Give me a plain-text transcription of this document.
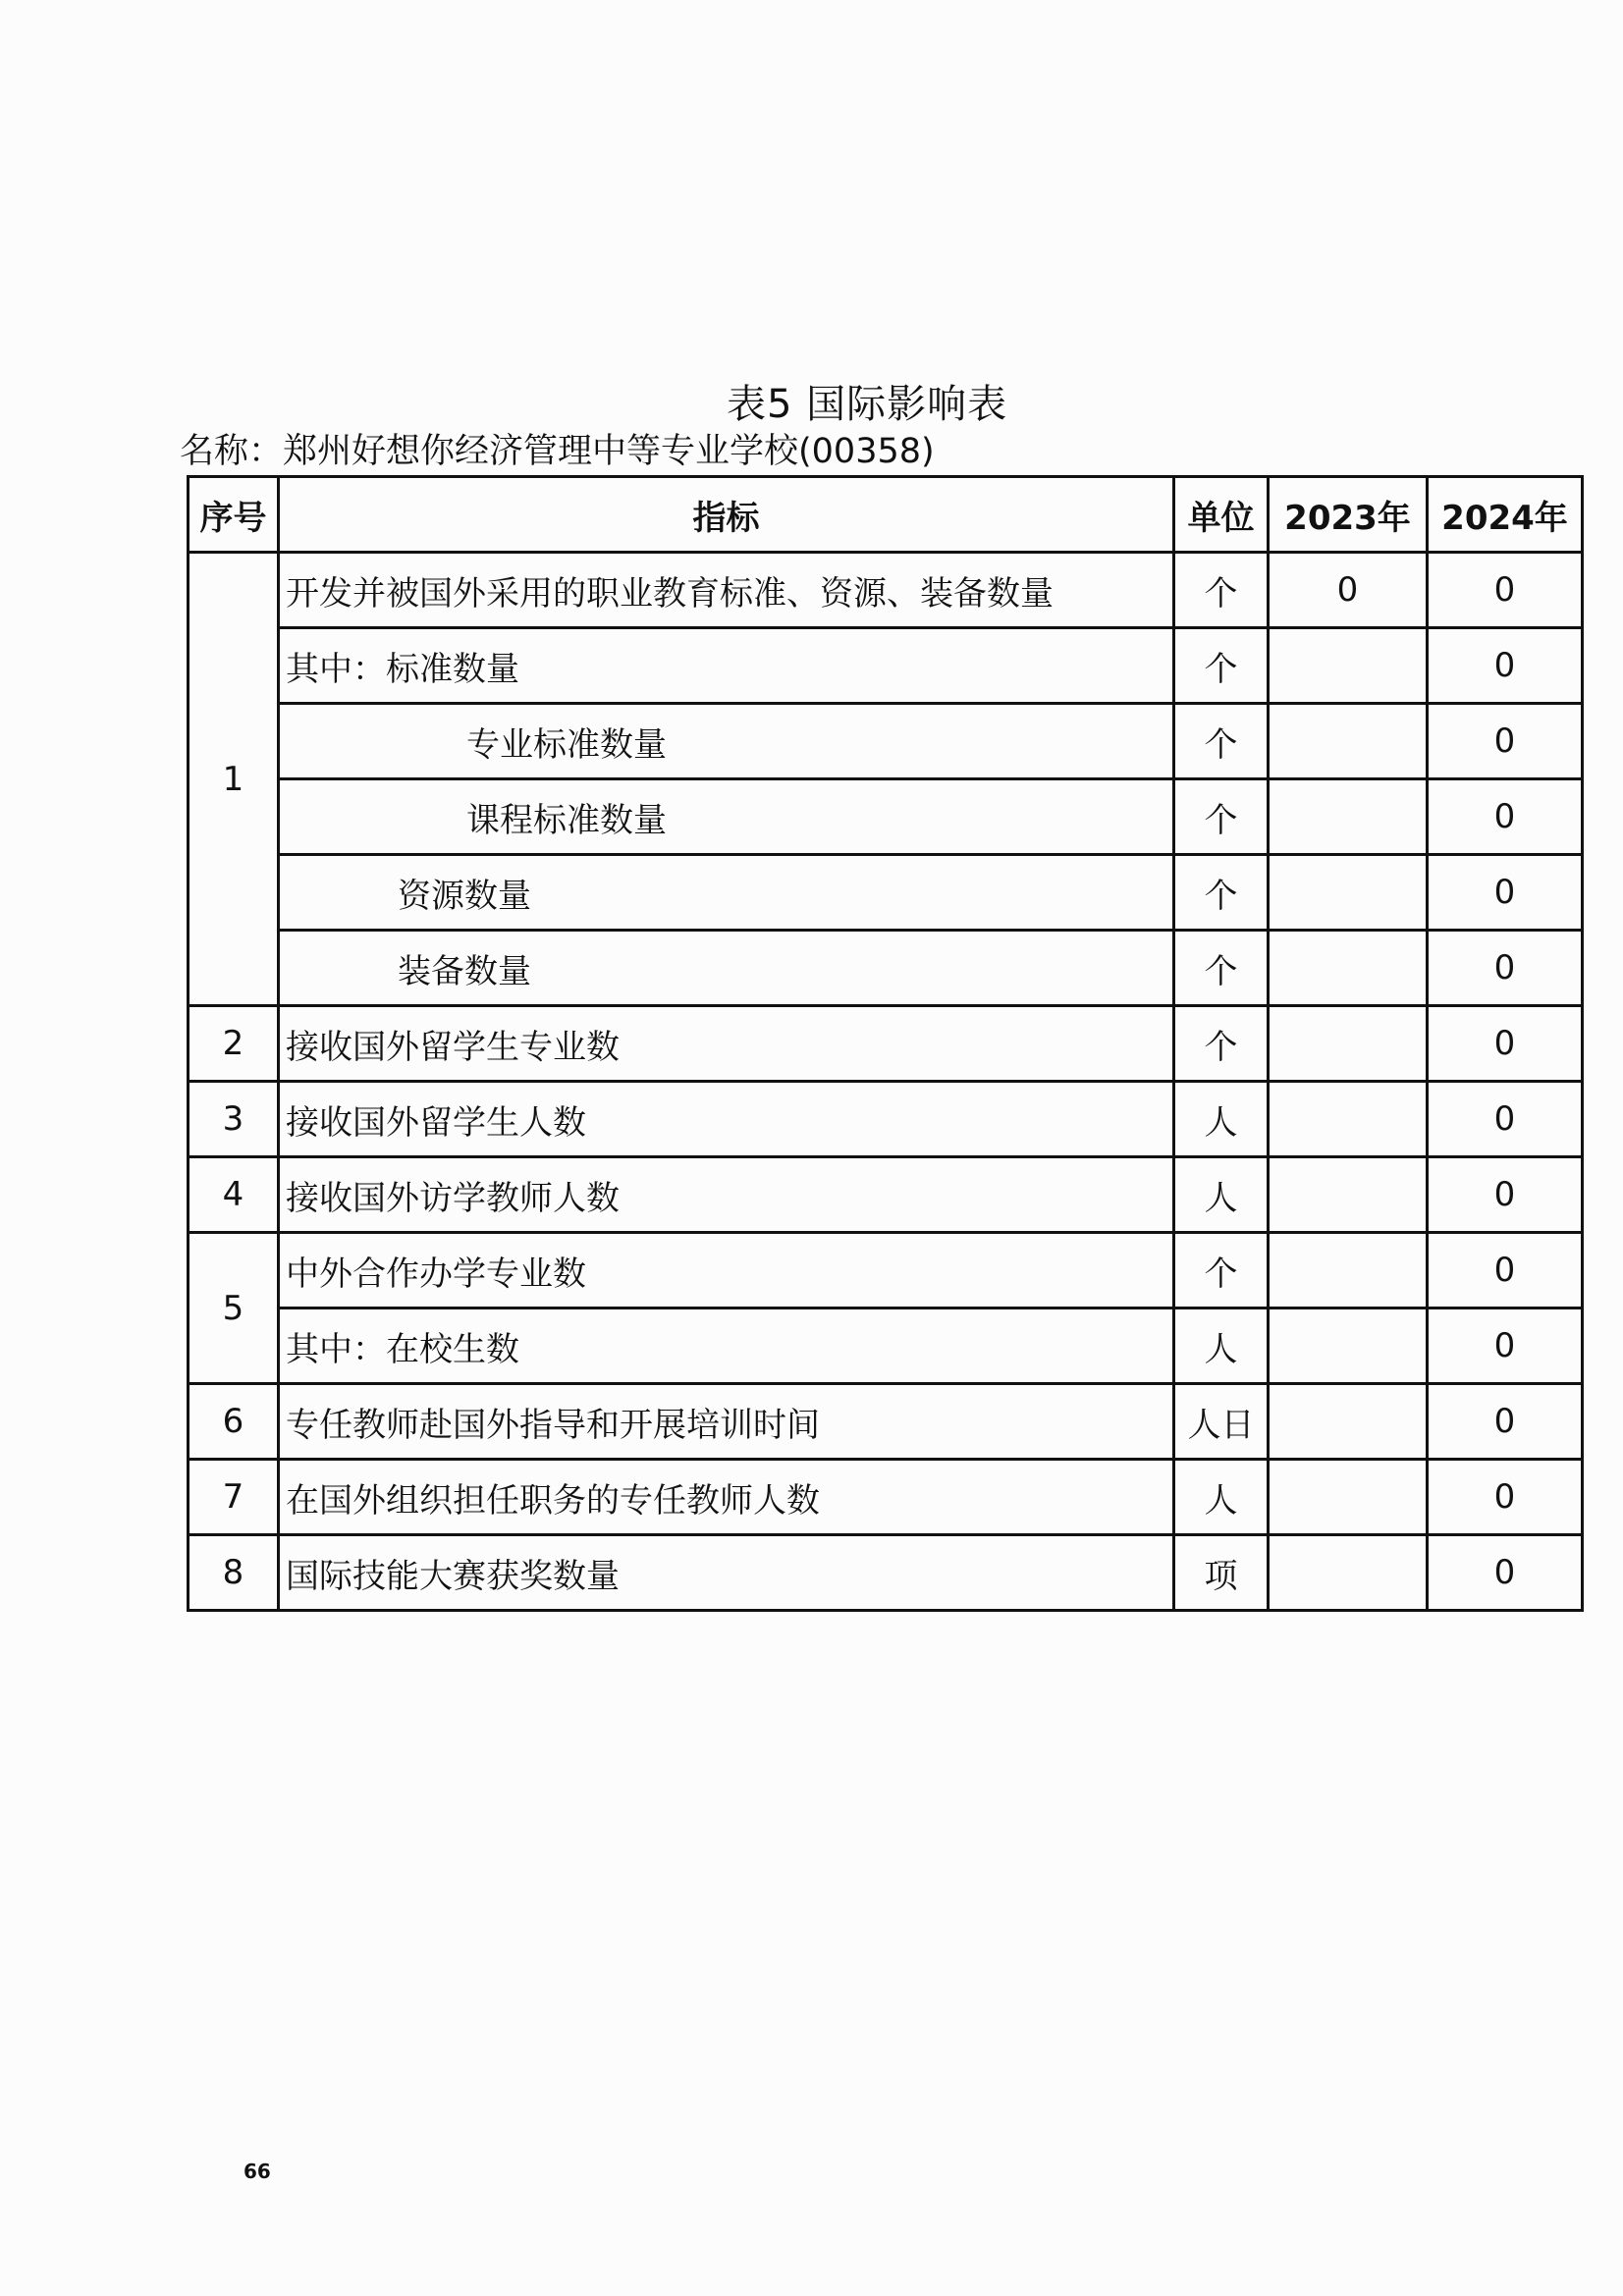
表5 国际影响表
名称：郑州好想你经济管理中等专业学校(00358)
序号	指标	单位	2023年	2024年
1	开发并被国外采用的职业教育标准、资源、装备数量	个	0	0
	其中：标准数量	个		0
	专业标准数量	个		0
	课程标准数量	个		0
	资源数量	个		0
	装备数量	个		0
2	接收国外留学生专业数	个		0
3	接收国外留学生人数	人		0
4	接收国外访学教师人数	人		0
5	中外合作办学专业数	个		0
	其中：在校生数	人		0
6	专任教师赴国外指导和开展培训时间	人日		0
7	在国外组织担任职务的专任教师人数	人		0
8	国际技能大赛获奖数量	项		0
66
